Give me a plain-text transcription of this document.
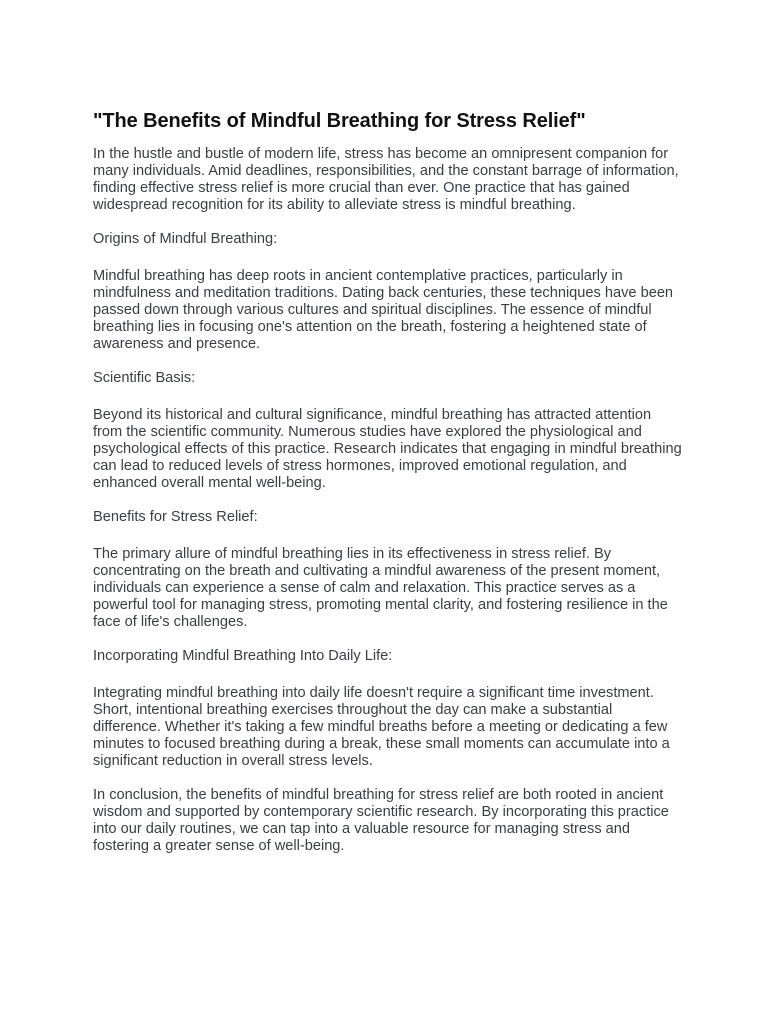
"The Benefits of Mindful Breathing for Stress Relief"

In the hustle and bustle of modern life, stress has become an omnipresent companion for many individuals. Amid deadlines, responsibilities, and the constant barrage of information, finding effective stress relief is more crucial than ever. One practice that has gained widespread recognition for its ability to alleviate stress is mindful breathing.

Origins of Mindful Breathing:

Mindful breathing has deep roots in ancient contemplative practices, particularly in mindfulness and meditation traditions. Dating back centuries, these techniques have been passed down through various cultures and spiritual disciplines. The essence of mindful breathing lies in focusing one's attention on the breath, fostering a heightened state of awareness and presence.

Scientific Basis:

Beyond its historical and cultural significance, mindful breathing has attracted attention from the scientific community. Numerous studies have explored the physiological and psychological effects of this practice. Research indicates that engaging in mindful breathing can lead to reduced levels of stress hormones, improved emotional regulation, and enhanced overall mental well-being.

Benefits for Stress Relief:

The primary allure of mindful breathing lies in its effectiveness in stress relief. By concentrating on the breath and cultivating a mindful awareness of the present moment, individuals can experience a sense of calm and relaxation. This practice serves as a powerful tool for managing stress, promoting mental clarity, and fostering resilience in the face of life's challenges.

Incorporating Mindful Breathing Into Daily Life:

Integrating mindful breathing into daily life doesn't require a significant time investment. Short, intentional breathing exercises throughout the day can make a substantial difference. Whether it's taking a few mindful breaths before a meeting or dedicating a few minutes to focused breathing during a break, these small moments can accumulate into a significant reduction in overall stress levels.

In conclusion, the benefits of mindful breathing for stress relief are both rooted in ancient wisdom and supported by contemporary scientific research. By incorporating this practice into our daily routines, we can tap into a valuable resource for managing stress and fostering a greater sense of well-being.
